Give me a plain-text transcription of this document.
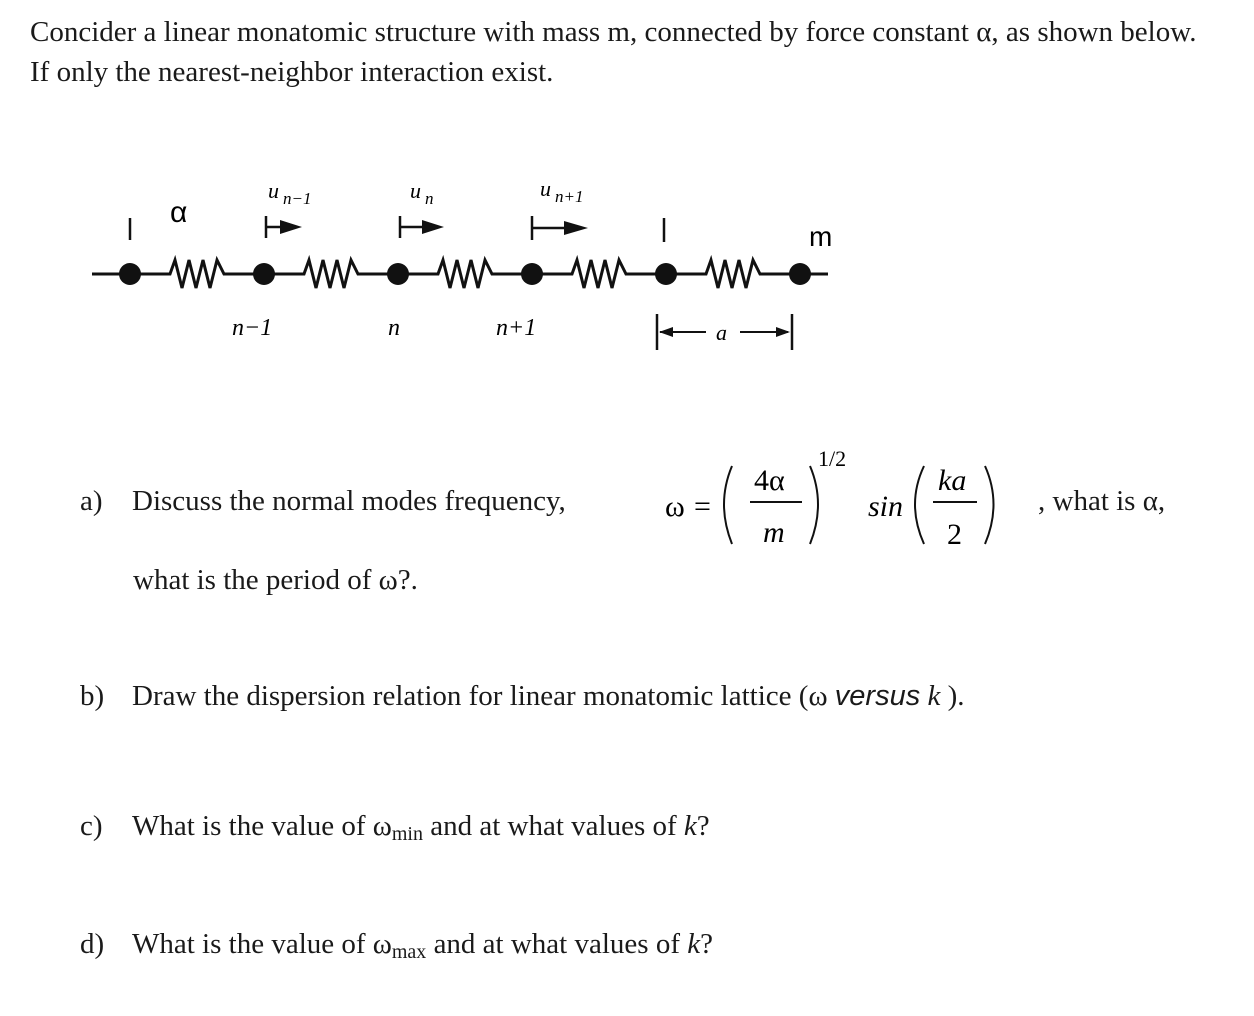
Concider a linear monatomic structure with mass m, connected by force constant α, as shown below. If only the nearest-neighbor interaction exist.
α
m
u n−1	u n	u n+1
n−1	n	n+1	a
a) Discuss the normal modes frequency,	ω =
4α
m
1/2
sin
ka
2
, what is α,
what is the period of ω?.
b) Draw the dispersion relation for linear monatomic lattice (ω versus k ).
c) What is the value of ωmin and at what values of k?
d) What is the value of ωmax and at what values of k?
